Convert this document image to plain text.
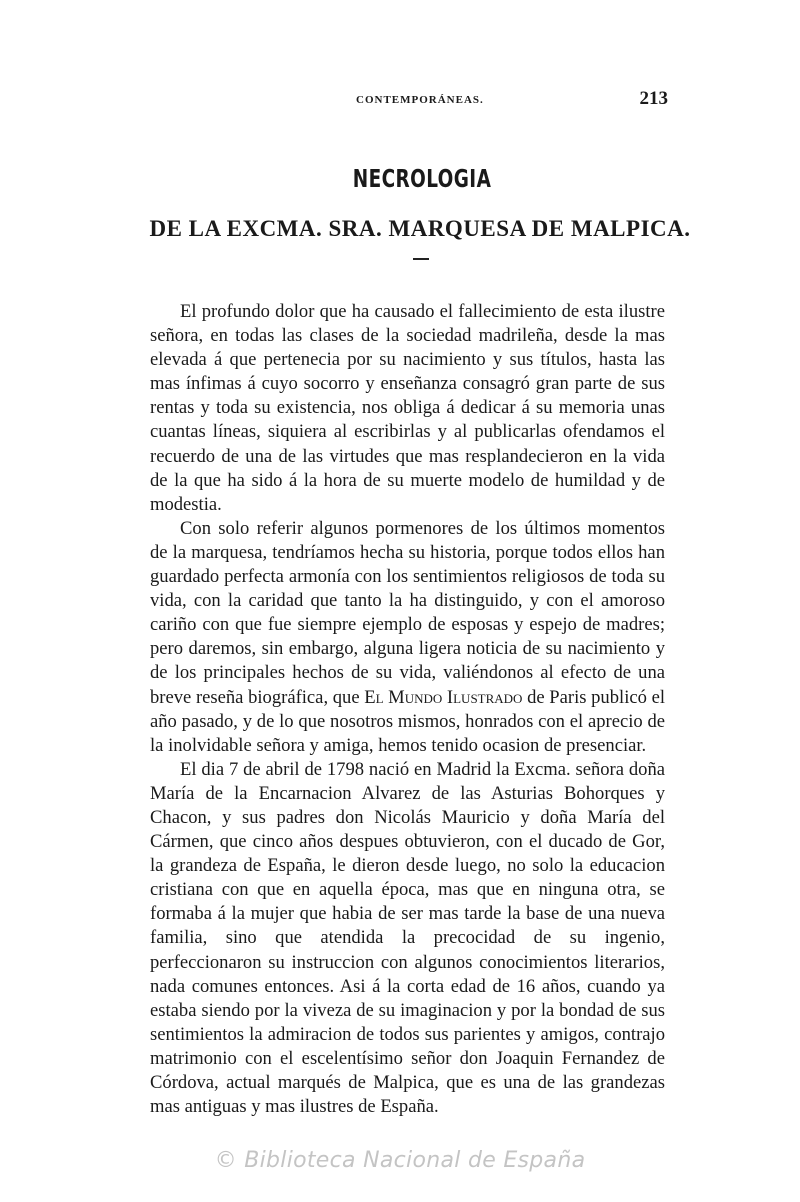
CONTEMPORÁNEAS.	213
NECROLOGIA
DE LA EXCMA. SRA. MARQUESA DE MALPICA.

El profundo dolor que ha causado el fallecimiento de esta ilustre señora, en todas las clases de la sociedad madrileña, desde la mas elevada á que pertenecia por su nacimiento y sus títulos, hasta las mas ínfimas á cuyo socorro y enseñanza consagró gran parte de sus rentas y toda su existencia, nos obliga á dedicar á su memoria unas cuantas líneas, siquiera al escribirlas y al publicarlas ofendamos el recuerdo de una de las virtudes que mas resplandecieron en la vida de la que ha sido á la hora de su muerte modelo de humildad y de modestia.

Con solo referir algunos pormenores de los últimos momentos de la marquesa, tendríamos hecha su historia, porque todos ellos han guardado perfecta armonía con los sentimientos religiosos de toda su vida, con la caridad que tanto la ha distinguido, y con el amoroso cariño con que fue siempre ejemplo de esposas y espejo de madres; pero daremos, sin embargo, alguna ligera noticia de su nacimiento y de los principales hechos de su vida, valiéndonos al efecto de una breve reseña biográfica, que El Mundo Ilustrado de Paris publicó el año pasado, y de lo que nosotros mismos, honrados con el aprecio de la inolvidable señora y amiga, hemos tenido ocasion de presenciar.

El dia 7 de abril de 1798 nació en Madrid la Excma. señora doña María de la Encarnacion Alvarez de las Asturias Bohorques y Chacon, y sus padres don Nicolás Mauricio y doña María del Cármen, que cinco años despues obtuvieron, con el ducado de Gor, la grandeza de España, le dieron desde luego, no solo la educacion cristiana con que en aquella época, mas que en ninguna otra, se formaba á la mujer que habia de ser mas tarde la base de una nueva familia, sino que atendida la precocidad de su ingenio, perfeccionaron su instruccion con algunos conocimientos literarios, nada comunes entonces. Asi á la corta edad de 16 años, cuando ya estaba siendo por la viveza de su imaginacion y por la bondad de sus sentimientos la admiracion de todos sus parientes y amigos, contrajo matrimonio con el escelentísimo señor don Joaquin Fernandez de Córdova, actual marqués de Malpica, que es una de las grandezas mas antiguas y mas ilustres de España.

© Biblioteca Nacional de España
